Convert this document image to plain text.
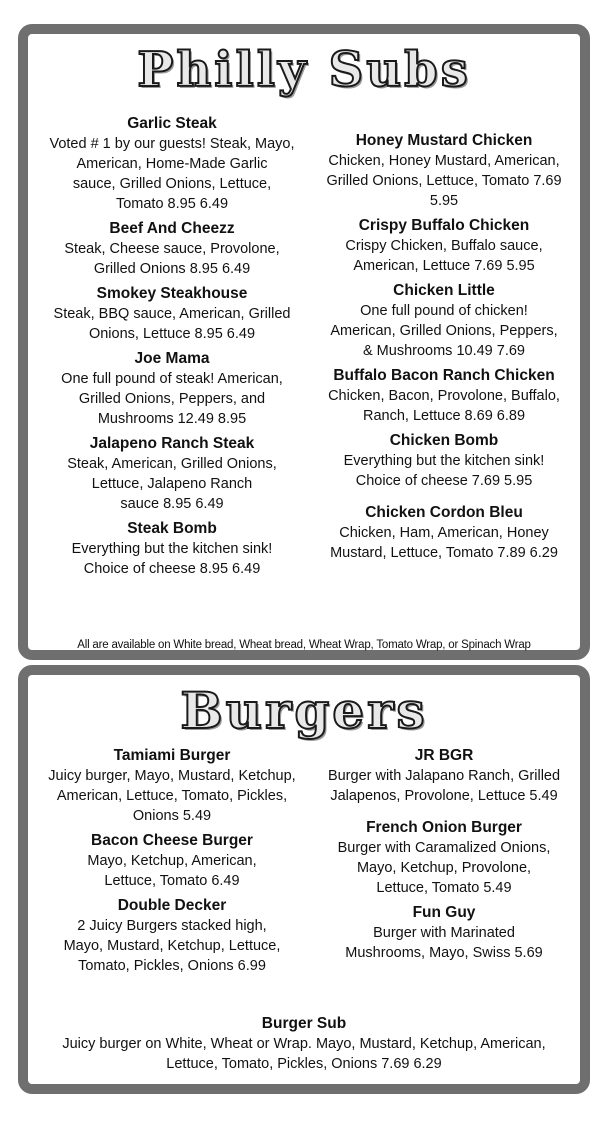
Philly Subs
Garlic Steak
Voted # 1 by our guests! Steak, Mayo,
American, Home-Made Garlic
sauce, Grilled Onions, Lettuce,
Tomato 8.95 6.49
Beef And Cheezz
Steak, Cheese sauce, Provolone,
Grilled Onions 8.95 6.49
Smokey Steakhouse
Steak, BBQ sauce, American, Grilled
Onions, Lettuce 8.95 6.49
Joe Mama
One full pound of steak! American,
Grilled Onions, Peppers, and
Mushrooms 12.49 8.95
Jalapeno Ranch Steak
Steak, American, Grilled Onions,
Lettuce, Jalapeno Ranch
sauce 8.95 6.49
Steak Bomb
Everything but the kitchen sink!
Choice of cheese 8.95 6.49
Honey Mustard Chicken
Chicken, Honey Mustard, American,
Grilled Onions, Lettuce, Tomato 7.69
5.95
Crispy Buffalo Chicken
Crispy Chicken, Buffalo sauce,
American, Lettuce 7.69 5.95
Chicken Little
One full pound of chicken!
American, Grilled Onions, Peppers,
& Mushrooms 10.49 7.69
Buffalo Bacon Ranch Chicken
Chicken, Bacon, Provolone, Buffalo,
Ranch, Lettuce 8.69 6.89
Chicken Bomb
Everything but the kitchen sink!
Choice of cheese 7.69 5.95
Chicken Cordon Bleu
Chicken, Ham, American, Honey
Mustard, Lettuce, Tomato 7.89 6.29
All are available on White bread, Wheat bread, Wheat Wrap, Tomato Wrap, or Spinach Wrap
Burgers
Tamiami Burger
Juicy burger, Mayo, Mustard, Ketchup,
American, Lettuce, Tomato, Pickles,
Onions 5.49
Bacon Cheese Burger
Mayo, Ketchup, American,
Lettuce, Tomato 6.49
Double Decker
2 Juicy Burgers stacked high,
Mayo, Mustard, Ketchup, Lettuce,
Tomato, Pickles, Onions 6.99
JR BGR
Burger with Jalapano Ranch, Grilled
Jalapenos, Provolone, Lettuce 5.49
French Onion Burger
Burger with Caramalized Onions,
Mayo, Ketchup, Provolone,
Lettuce, Tomato 5.49
Fun Guy
Burger with Marinated
Mushrooms, Mayo, Swiss 5.69
Burger Sub
Juicy burger on White, Wheat or Wrap. Mayo, Mustard, Ketchup, American,
Lettuce, Tomato, Pickles, Onions 7.69 6.29
